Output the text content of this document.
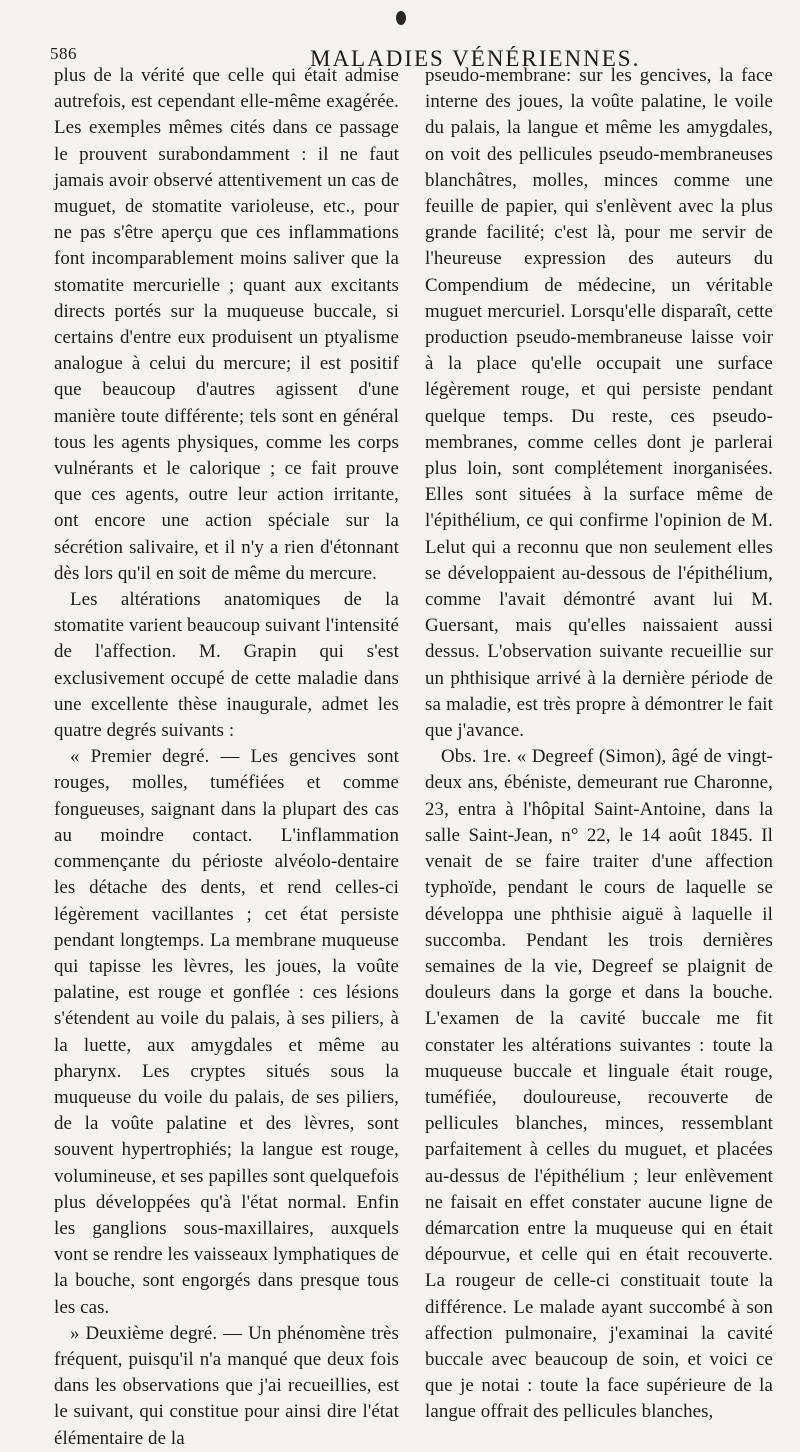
586	MALADIES VÉNÉRIENNES.

plus de la vérité que celle qui était admise autrefois, est cependant elle-même exagérée. Les exemples mêmes cités dans ce passage le prouvent surabondamment : il ne faut jamais avoir observé attentivement un cas de muguet, de stomatite varioleuse, etc., pour ne pas s'être aperçu que ces inflammations font incomparablement moins saliver que la stomatite mercurielle ; quant aux excitants directs portés sur la muqueuse buccale, si certains d'entre eux produisent un ptyalisme analogue à celui du mercure; il est positif que beaucoup d'autres agissent d'une manière toute différente; tels sont en général tous les agents physiques, comme les corps vulnérants et le calorique ; ce fait prouve que ces agents, outre leur action irritante, ont encore une action spéciale sur la sécrétion salivaire, et il n'y a rien d'étonnant dès lors qu'il en soit de même du mercure.

Les altérations anatomiques de la stomatite varient beaucoup suivant l'intensité de l'affection. M. Grapin qui s'est exclusivement occupé de cette maladie dans une excellente thèse inaugurale, admet les quatre degrés suivants :

« Premier degré. — Les gencives sont rouges, molles, tuméfiées et comme fongueuses, saignant dans la plupart des cas au moindre contact. L'inflammation commençante du périoste alvéolo-dentaire les détache des dents, et rend celles-ci légèrement vacillantes ; cet état persiste pendant longtemps. La membrane muqueuse qui tapisse les lèvres, les joues, la voûte palatine, est rouge et gonflée : ces lésions s'étendent au voile du palais, à ses piliers, à la luette, aux amygdales et même au pharynx. Les cryptes situés sous la muqueuse du voile du palais, de ses piliers, de la voûte palatine et des lèvres, sont souvent hypertrophiés; la langue est rouge, volumineuse, et ses papilles sont quelquefois plus développées qu'à l'état normal. Enfin les ganglions sous-maxillaires, auxquels vont se rendre les vaisseaux lymphatiques de la bouche, sont engorgés dans presque tous les cas.

» Deuxième degré. — Un phénomène très fréquent, puisqu'il n'a manqué que deux fois dans les observations que j'ai recueillies, est le suivant, qui constitue pour ainsi dire l'état élémentaire de la

pseudo-membrane: sur les gencives, la face interne des joues, la voûte palatine, le voile du palais, la langue et même les amygdales, on voit des pellicules pseudo-membraneuses blanchâtres, molles, minces comme une feuille de papier, qui s'enlèvent avec la plus grande facilité; c'est là, pour me servir de l'heureuse expression des auteurs du Compendium de médecine, un véritable muguet mercuriel. Lorsqu'elle disparaît, cette production pseudo-membraneuse laisse voir à la place qu'elle occupait une surface légèrement rouge, et qui persiste pendant quelque temps. Du reste, ces pseudo-membranes, comme celles dont je parlerai plus loin, sont complétement inorganisées. Elles sont situées à la surface même de l'épithélium, ce qui confirme l'opinion de M. Lelut qui a reconnu que non seulement elles se développaient au-dessous de l'épithélium, comme l'avait démontré avant lui M. Guersant, mais qu'elles naissaient aussi dessus. L'observation suivante recueillie sur un phthisique arrivé à la dernière période de sa maladie, est très propre à démontrer le fait que j'avance.

Obs. 1re. « Degreef (Simon), âgé de vingt-deux ans, ébéniste, demeurant rue Charonne, 23, entra à l'hôpital Saint-Antoine, dans la salle Saint-Jean, n° 22, le 14 août 1845. Il venait de se faire traiter d'une affection typhoïde, pendant le cours de laquelle se développa une phthisie aiguë à laquelle il succomba. Pendant les trois dernières semaines de la vie, Degreef se plaignit de douleurs dans la gorge et dans la bouche. L'examen de la cavité buccale me fit constater les altérations suivantes : toute la muqueuse buccale et linguale était rouge, tuméfiée, douloureuse, recouverte de pellicules blanches, minces, ressemblant parfaitement à celles du muguet, et placées au-dessus de l'épithélium ; leur enlèvement ne faisait en effet constater aucune ligne de démarcation entre la muqueuse qui en était dépourvue, et celle qui en était recouverte. La rougeur de celle-ci constituait toute la différence. Le malade ayant succombé à son affection pulmonaire, j'examinai la cavité buccale avec beaucoup de soin, et voici ce que je notai : toute la face supérieure de la langue offrait des pellicules blanches,
